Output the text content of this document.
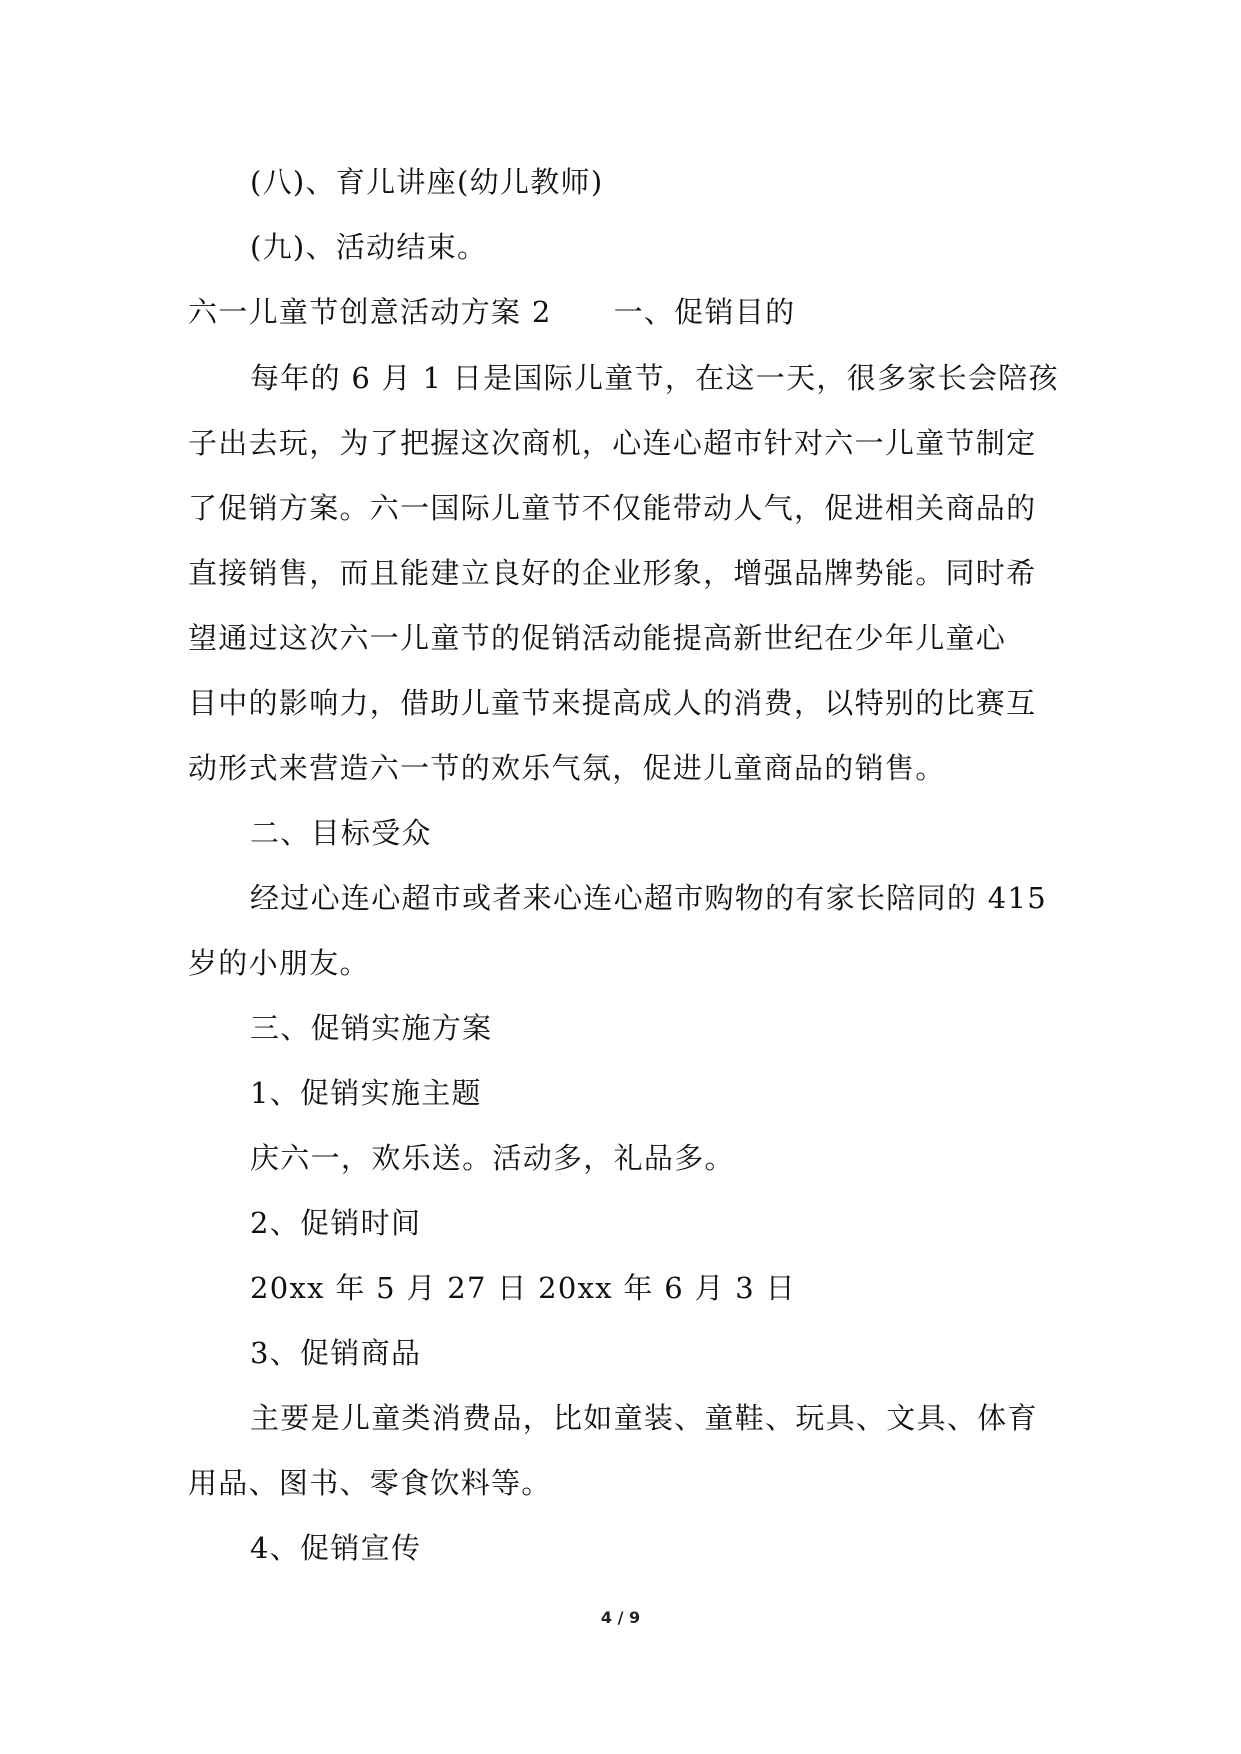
(八)、育儿讲座(幼儿教师)
(九)、活动结束。
六一儿童节创意活动方案 2 一、促销目的
每年的 6 月 1 日是国际儿童节，在这一天，很多家长会陪孩
子出去玩，为了把握这次商机，心连心超市针对六一儿童节制定
了促销方案。六一国际儿童节不仅能带动人气，促进相关商品的
直接销售，而且能建立良好的企业形象，增强品牌势能。同时希
望通过这次六一儿童节的促销活动能提高新世纪在少年儿童心
目中的影响力，借助儿童节来提高成人的消费，以特别的比赛互
动形式来营造六一节的欢乐气氛，促进儿童商品的销售。
二、目标受众
经过心连心超市或者来心连心超市购物的有家长陪同的 415
岁的小朋友。
三、促销实施方案
1、促销实施主题
庆六一，欢乐送。活动多，礼品多。
2、促销时间
20xx 年 5 月 27 日 20xx 年 6 月 3 日
3、促销商品
主要是儿童类消费品，比如童装、童鞋、玩具、文具、体育
用品、图书、零食饮料等。
4、促销宣传
4 / 9
